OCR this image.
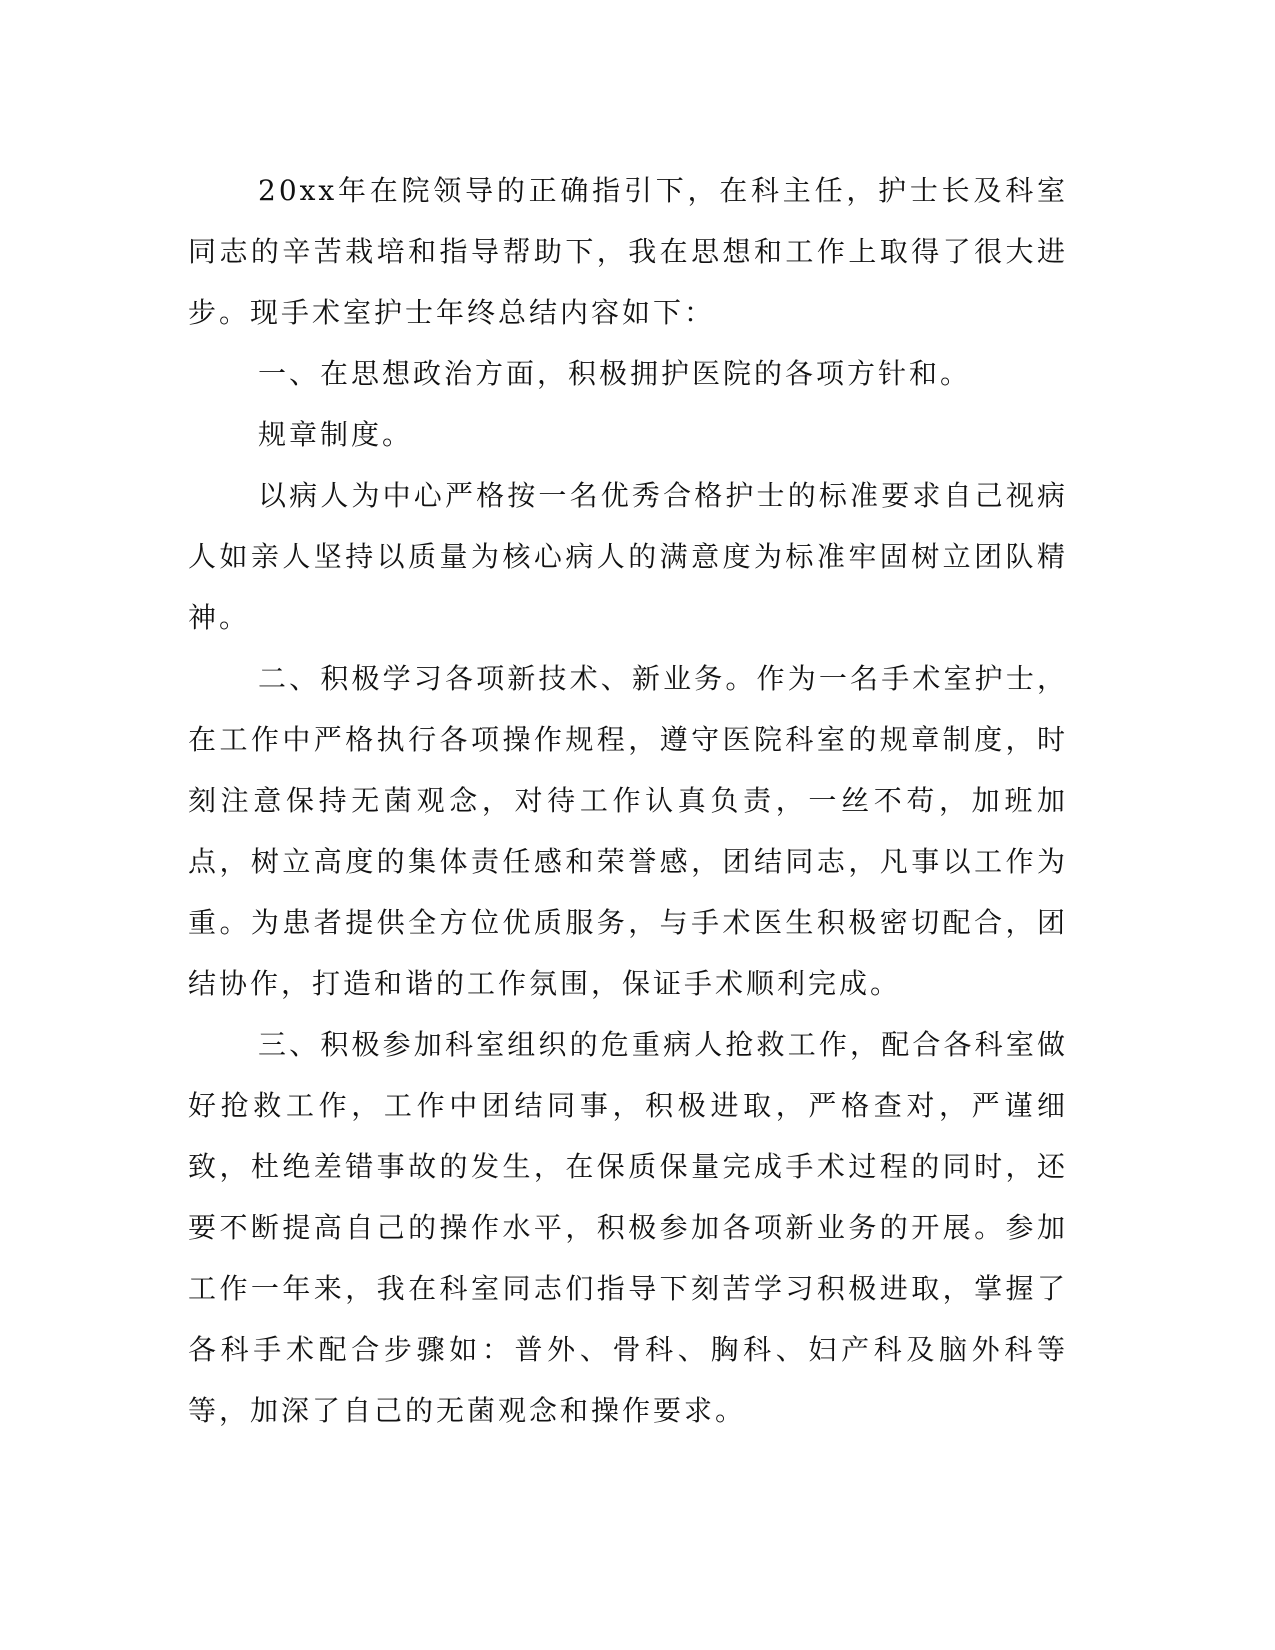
20xx年在院领导的正确指引下，在科主任，护士长及科室同志的辛苦栽培和指导帮助下，我在思想和工作上取得了很大进步。现手术室护士年终总结内容如下：

一、在思想政治方面，积极拥护医院的各项方针和。

规章制度。

以病人为中心严格按一名优秀合格护士的标准要求自己视病人如亲人坚持以质量为核心病人的满意度为标准牢固树立团队精神。

二、积极学习各项新技术、新业务。作为一名手术室护士，在工作中严格执行各项操作规程，遵守医院科室的规章制度，时刻注意保持无菌观念，对待工作认真负责，一丝不苟，加班加点，树立高度的集体责任感和荣誉感，团结同志，凡事以工作为重。为患者提供全方位优质服务，与手术医生积极密切配合，团结协作，打造和谐的工作氛围，保证手术顺利完成。

三、积极参加科室组织的危重病人抢救工作，配合各科室做好抢救工作，工作中团结同事，积极进取，严格查对，严谨细致，杜绝差错事故的发生，在保质保量完成手术过程的同时，还要不断提高自己的操作水平，积极参加各项新业务的开展。参加工作一年来，我在科室同志们指导下刻苦学习积极进取，掌握了各科手术配合步骤如：普外、骨科、胸科、妇产科及脑外科等等，加深了自己的无菌观念和操作要求。
